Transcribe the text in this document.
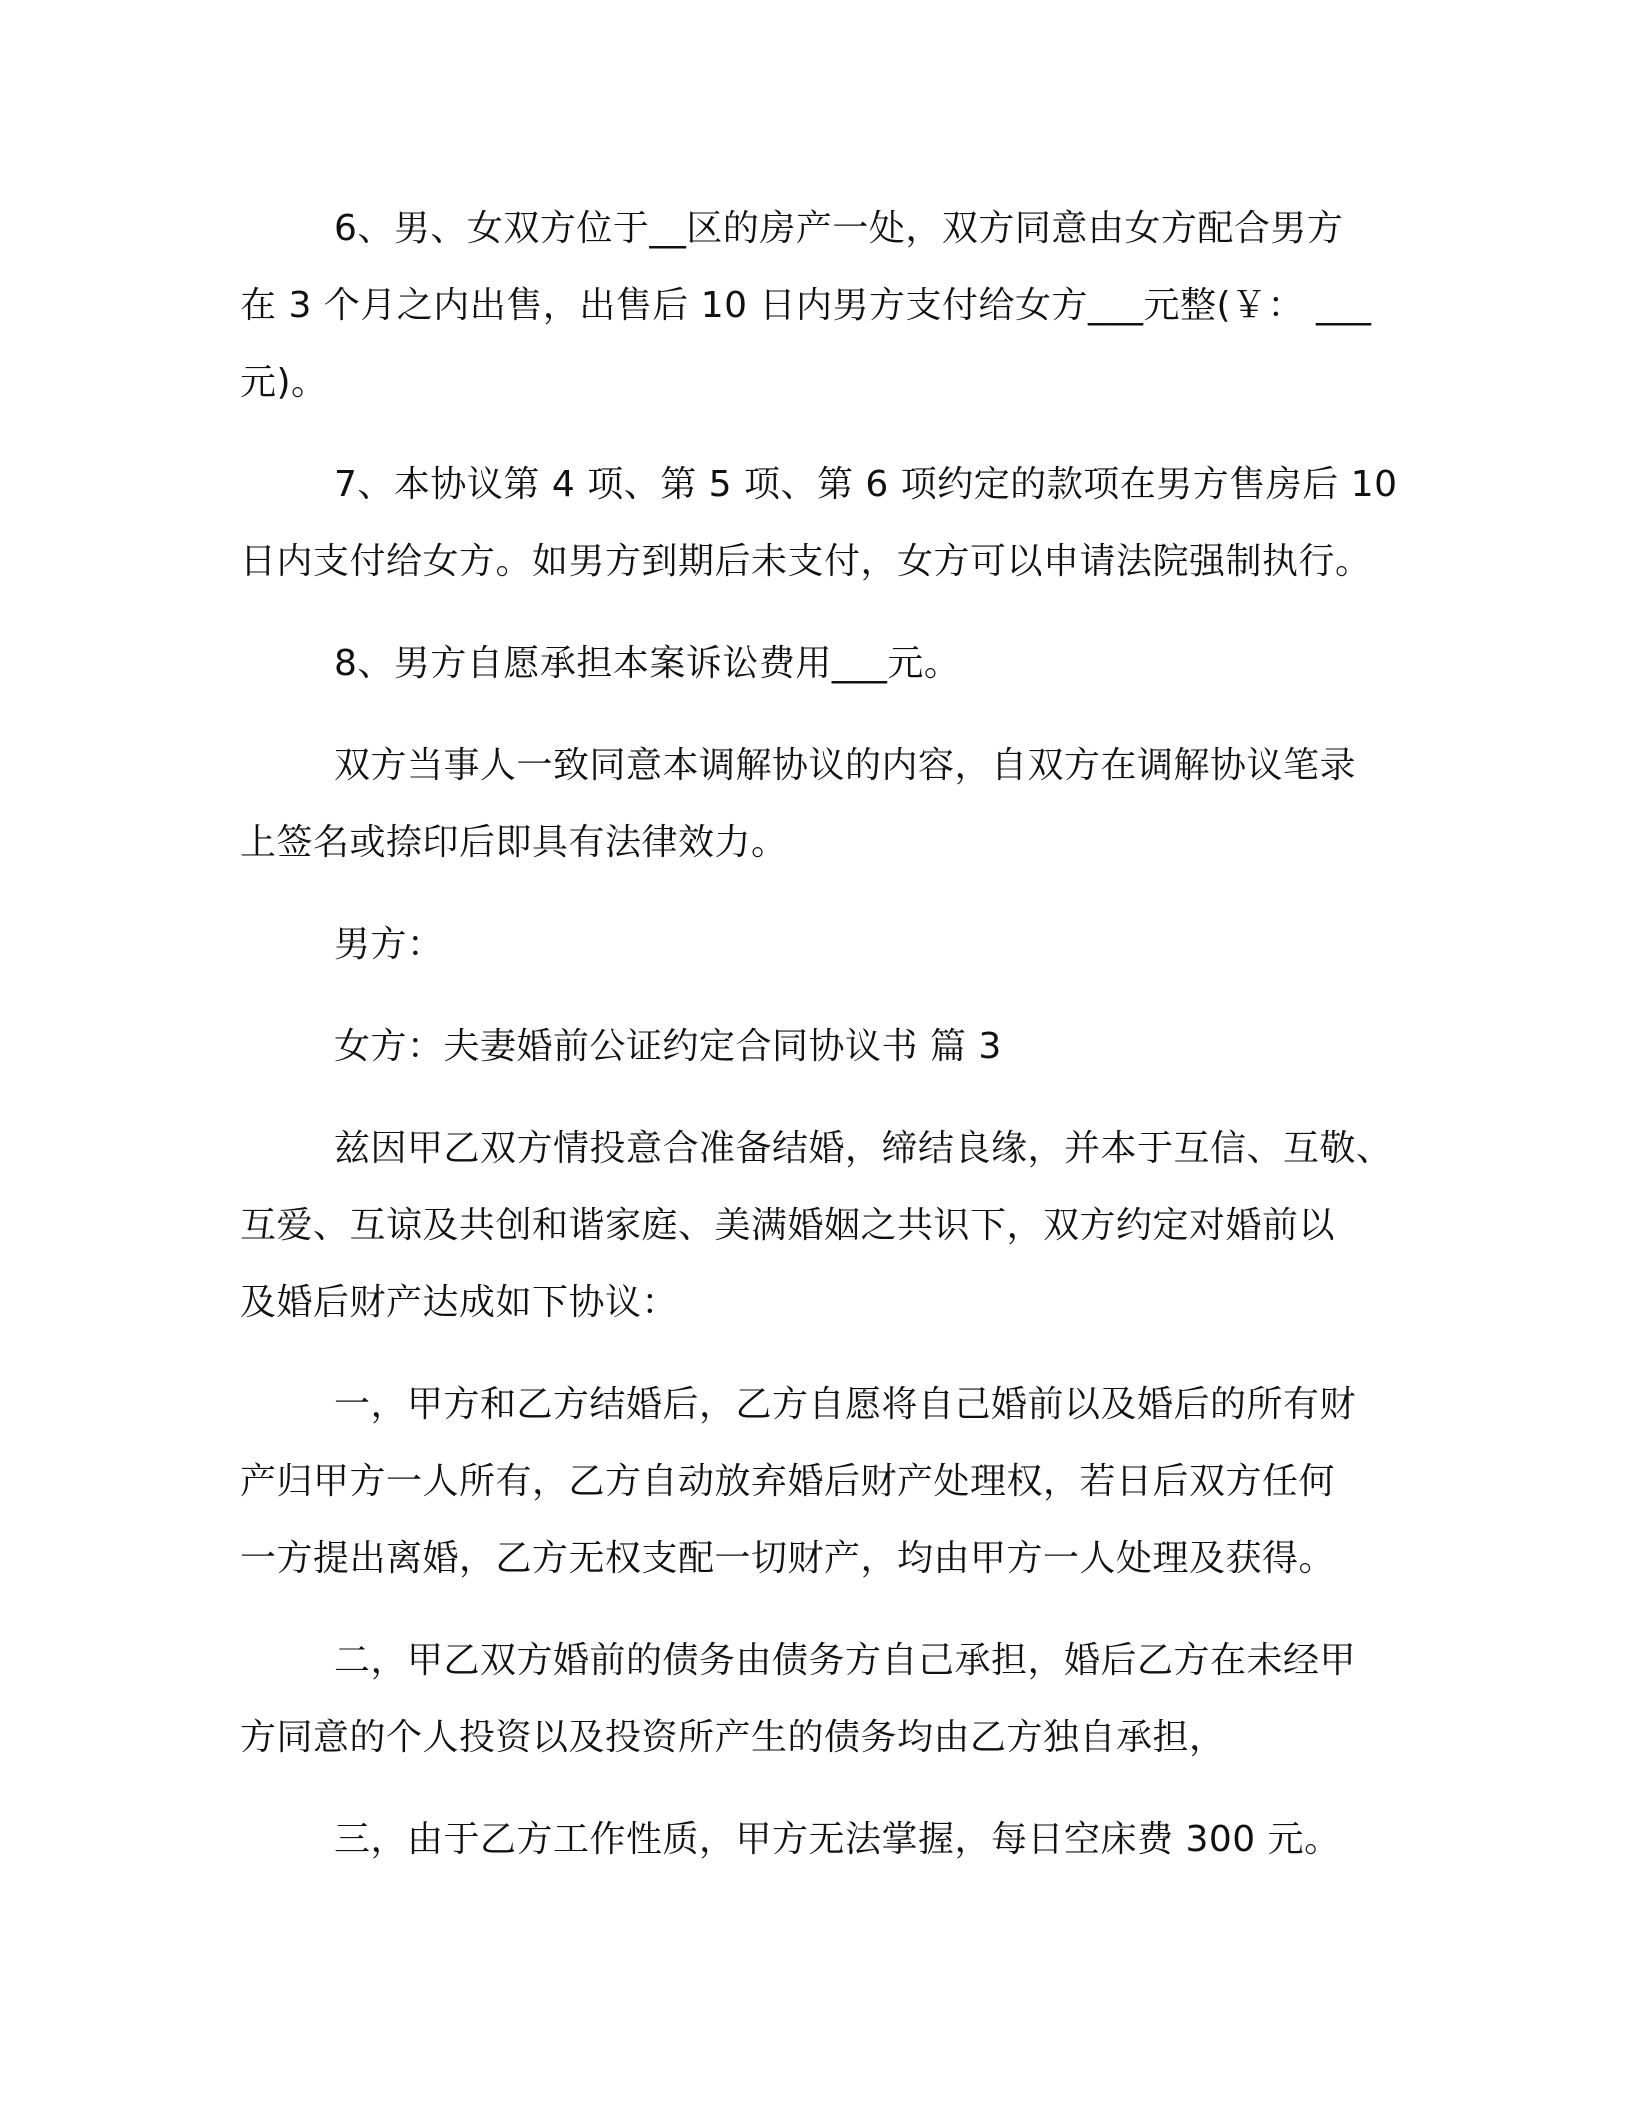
6、男、女双方位于__区的房产一处，双方同意由女方配合男方
在 3 个月之内出售，出售后 10 日内男方支付给女方___元整(￥： ___
元)。

7、本协议第 4 项、第 5 项、第 6 项约定的款项在男方售房后 10
日内支付给女方。如男方到期后未支付，女方可以申请法院强制执行。

8、男方自愿承担本案诉讼费用___元。

双方当事人一致同意本调解协议的内容，自双方在调解协议笔录
上签名或捺印后即具有法律效力。

男方：

女方：夫妻婚前公证约定合同协议书 篇 3

兹因甲乙双方情投意合准备结婚，缔结良缘，并本于互信、互敬、
互爱、互谅及共创和谐家庭、美满婚姻之共识下，双方约定对婚前以
及婚后财产达成如下协议：

一，甲方和乙方结婚后，乙方自愿将自己婚前以及婚后的所有财
产归甲方一人所有，乙方自动放弃婚后财产处理权，若日后双方任何
一方提出离婚，乙方无权支配一切财产，均由甲方一人处理及获得。

二，甲乙双方婚前的债务由债务方自己承担，婚后乙方在未经甲
方同意的个人投资以及投资所产生的债务均由乙方独自承担，

三，由于乙方工作性质，甲方无法掌握，每日空床费 300 元。
